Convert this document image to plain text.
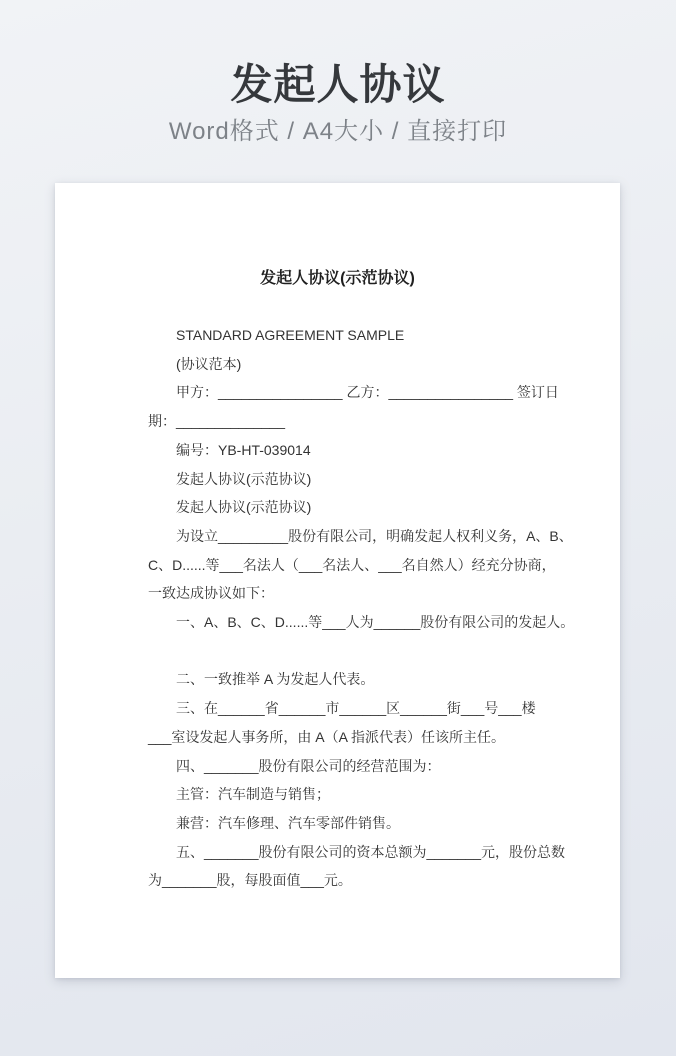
发起人协议
Word格式 / A4大小 / 直接打印
发起人协议(示范协议)
STANDARD AGREEMENT SAMPLE
(协议范本)
甲方：________________ 乙方：________________ 签订日
期：______________
编号：YB-HT-039014
发起人协议(示范协议)
发起人协议(示范协议)
为设立_________股份有限公司，明确发起人权利义务，A、B、
C、D......等___名法人（___名法人、___名自然人）经充分协商，
一致达成协议如下：
一、A、B、C、D......等___人为______股份有限公司的发起人。

二、一致推举 A 为发起人代表。
三、在______省______市______区______街___号___楼
___室设发起人事务所，由 A（A 指派代表）任该所主任。
四、_______股份有限公司的经营范围为：
主管：汽车制造与销售；
兼营：汽车修理、汽车零部件销售。
五、_______股份有限公司的资本总额为_______元，股份总数
为_______股，每股面值___元。
